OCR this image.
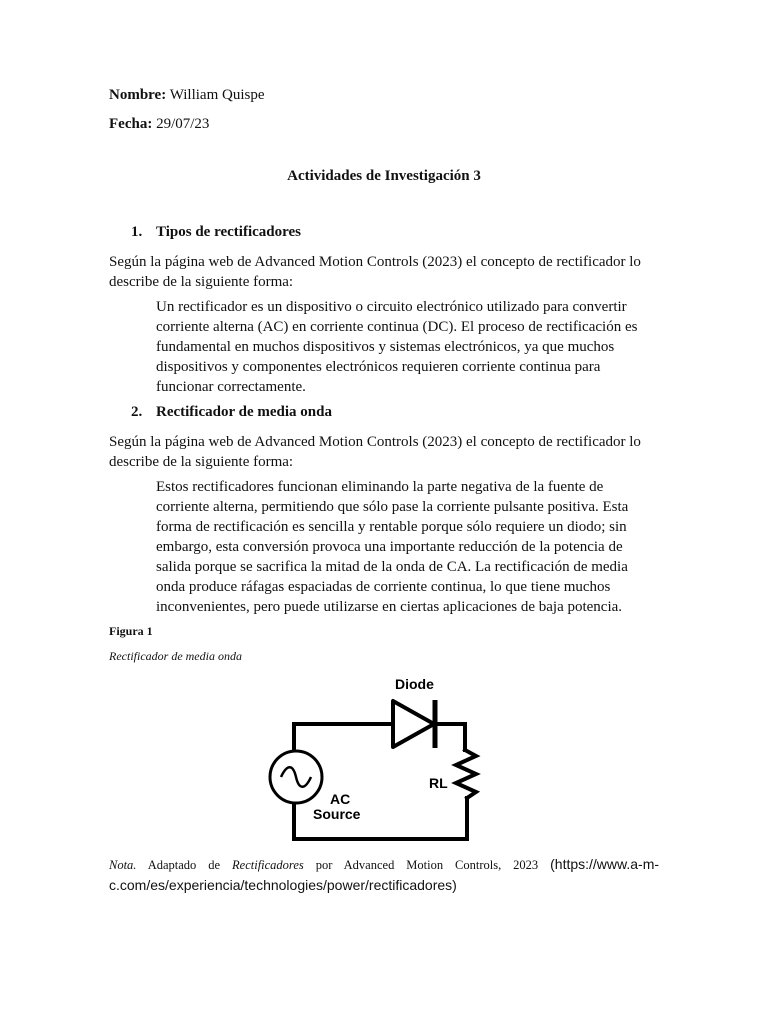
Nombre: William Quispe
Fecha: 29/07/23
Actividades de Investigación 3
1. Tipos de rectificadores
Según la página web de Advanced Motion Controls (2023) el concepto de rectificador lo describe de la siguiente forma:
Un rectificador es un dispositivo o circuito electrónico utilizado para convertir corriente alterna (AC) en corriente continua (DC). El proceso de rectificación es fundamental en muchos dispositivos y sistemas electrónicos, ya que muchos dispositivos y componentes electrónicos requieren corriente continua para funcionar correctamente.
2. Rectificador de media onda
Según la página web de Advanced Motion Controls (2023) el concepto de rectificador lo describe de la siguiente forma:
Estos rectificadores funcionan eliminando la parte negativa de la fuente de corriente alterna, permitiendo que sólo pase la corriente pulsante positiva. Esta forma de rectificación es sencilla y rentable porque sólo requiere un diodo; sin embargo, esta conversión provoca una importante reducción de la potencia de salida porque se sacrifica la mitad de la onda de CA. La rectificación de media onda produce ráfagas espaciadas de corriente continua, lo que tiene muchos inconvenientes, pero puede utilizarse en ciertas aplicaciones de baja potencia.
Figura 1
Rectificador de media onda
Diode
RL
AC
Source
Nota. Adaptado de Rectificadores por Advanced Motion Controls, 2023 (https://www.a-m-c.com/es/experiencia/technologies/power/rectificadores)
